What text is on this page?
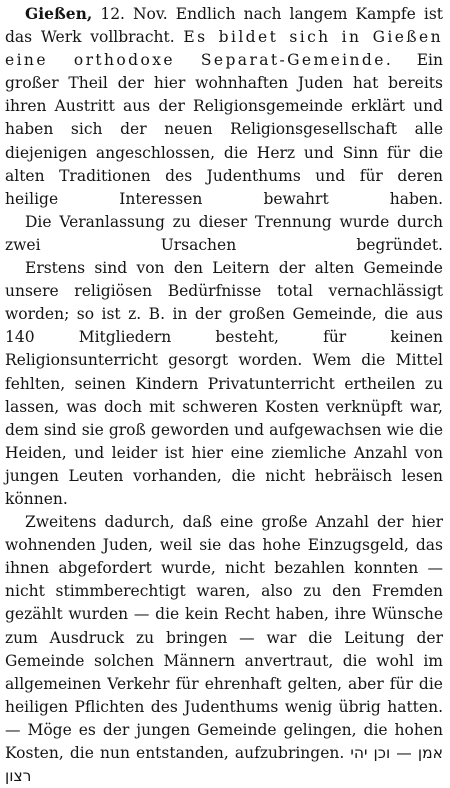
Gießen, 12. Nov. Endlich nach langem Kampfe ist das Werk vollbracht. Es bildet sich in Gießen eine orthodoxe Separat-Gemeinde. Ein großer Theil der hier wohnhaften Juden hat bereits ihren Austritt aus der Religionsgemeinde erklärt und haben sich der neuen Religionsgesellschaft alle diejenigen angeschlossen, die Herz und Sinn für die alten Traditionen des Judenthums und für deren heilige Interessen bewahrt haben.

Die Veranlassung zu dieser Trennung wurde durch zwei Ursachen begründet.

Erstens sind von den Leitern der alten Gemeinde unsere religiösen Bedürfnisse total vernachlässigt worden; so ist z. B. in der großen Gemeinde, die aus 140 Mitgliedern besteht, für keinen Religionsunterricht gesorgt worden. Wem die Mittel fehlten, seinen Kindern Privatunterricht ertheilen zu lassen, was doch mit schweren Kosten verknüpft war, dem sind sie groß geworden und aufgewachsen wie die Heiden, und leider ist hier eine ziemliche Anzahl von jungen Leuten vorhanden, die nicht hebräisch lesen können.

Zweitens dadurch, daß eine große Anzahl der hier wohnenden Juden, weil sie das hohe Einzugsgeld, das ihnen abgefordert wurde, nicht bezahlen konnten — nicht stimmberechtigt waren, also zu den Fremden gezählt wurden — die kein Recht haben, ihre Wünsche zum Ausdruck zu bringen — war die Leitung der Gemeinde solchen Männern anvertraut, die wohl im allgemeinen Verkehr für ehrenhaft gelten, aber für die heiligen Pflichten des Judenthums wenig übrig hatten. — Möge es der jungen Gemeinde gelingen, die hohen Kosten, die nun entstanden, aufzubringen. אמן — וכן יהי רצון
